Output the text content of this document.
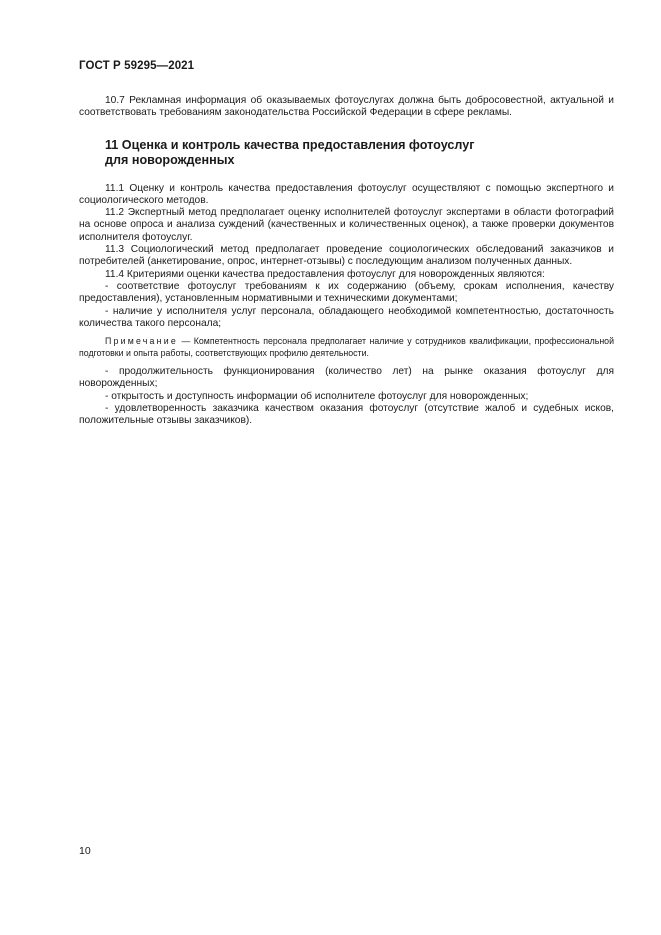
ГОСТ Р 59295—2021

10.7 Рекламная информация об оказываемых фотоуслугах должна быть добросовестной, актуальной и соответствовать требованиям законодательства Российской Федерации в сфере рекламы.

11 Оценка и контроль качества предоставления фотоуслуг
для новорожденных

11.1 Оценку и контроль качества предоставления фотоуслуг осуществляют с помощью экспертного и социологического методов.

11.2 Экспертный метод предполагает оценку исполнителей фотоуслуг экспертами в области фотографий на основе опроса и анализа суждений (качественных и количественных оценок), а также проверки документов исполнителя фотоуслуг.

11.3 Социологический метод предполагает проведение социологических обследований заказчиков и потребителей (анкетирование, опрос, интернет-отзывы) с последующим анализом полученных данных.

11.4 Критериями оценки качества предоставления фотоуслуг для новорожденных являются:

- соответствие фотоуслуг требованиям к их содержанию (объему, срокам исполнения, качеству предоставления), установленным нормативными и техническими документами;

- наличие у исполнителя услуг персонала, обладающего необходимой компетентностью, достаточность количества такого персонала;

Примечание — Компетентность персонала предполагает наличие у сотрудников квалификации, профессиональной подготовки и опыта работы, соответствующих профилю деятельности.

- продолжительность функционирования (количество лет) на рынке оказания фотоуслуг для новорожденных;

- открытость и доступность информации об исполнителе фотоуслуг для новорожденных;

- удовлетворенность заказчика качеством оказания фотоуслуг (отсутствие жалоб и судебных исков, положительные отзывы заказчиков).

10
